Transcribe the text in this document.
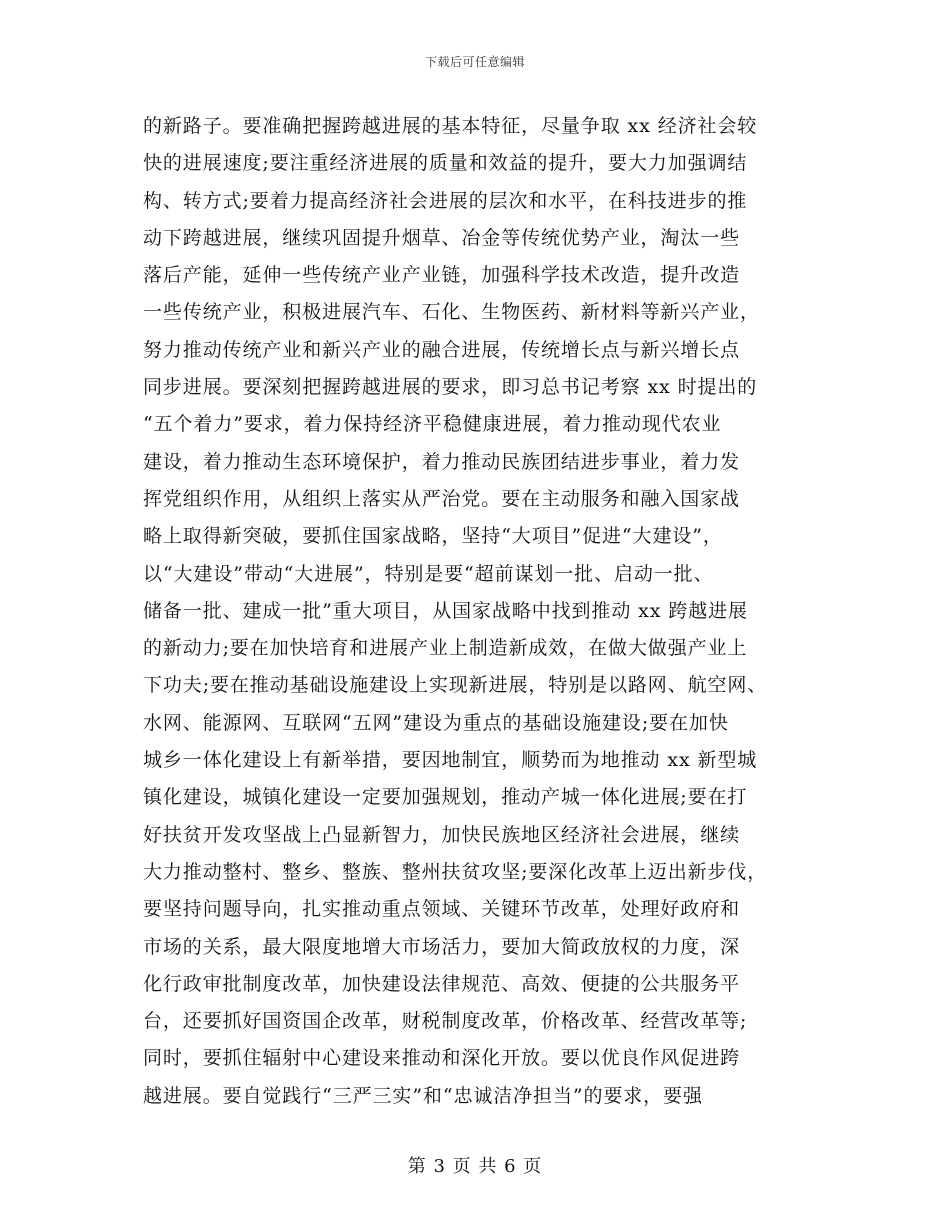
下载后可任意编辑
的新路子。要准确把握跨越进展的基本特征，尽量争取 xx 经济社会较
快的进展速度;要注重经济进展的质量和效益的提升，要大力加强调结
构、转方式;要着力提高经济社会进展的层次和水平，在科技进步的推
动下跨越进展，继续巩固提升烟草、冶金等传统优势产业，淘汰一些
落后产能，延伸一些传统产业产业链，加强科学技术改造，提升改造
一些传统产业，积极进展汽车、石化、生物医药、新材料等新兴产业，
努力推动传统产业和新兴产业的融合进展，传统增长点与新兴增长点
同步进展。要深刻把握跨越进展的要求，即习总书记考察 xx 时提出的
“五个着力”要求，着力保持经济平稳健康进展，着力推动现代农业
建设，着力推动生态环境保护，着力推动民族团结进步事业，着力发
挥党组织作用，从组织上落实从严治党。要在主动服务和融入国家战
略上取得新突破，要抓住国家战略，坚持“大项目”促进“大建设”，
以“大建设”带动“大进展”，特别是要“超前谋划一批、启动一批、
储备一批、建成一批”重大项目，从国家战略中找到推动 xx 跨越进展
的新动力;要在加快培育和进展产业上制造新成效，在做大做强产业上
下功夫;要在推动基础设施建设上实现新进展，特别是以路网、航空网、
水网、能源网、互联网“五网”建设为重点的基础设施建设;要在加快
城乡一体化建设上有新举措，要因地制宜，顺势而为地推动 xx 新型城
镇化建设，城镇化建设一定要加强规划，推动产城一体化进展;要在打
好扶贫开发攻坚战上凸显新智力，加快民族地区经济社会进展，继续
大力推动整村、整乡、整族、整州扶贫攻坚;要深化改革上迈出新步伐，
要坚持问题导向，扎实推动重点领域、关键环节改革，处理好政府和
市场的关系，最大限度地增大市场活力，要加大简政放权的力度，深
化行政审批制度改革，加快建设法律规范、高效、便捷的公共服务平
台，还要抓好国资国企改革，财税制度改革，价格改革、经营改革等;
同时，要抓住辐射中心建设来推动和深化开放。要以优良作风促进跨
越进展。要自觉践行“三严三实”和“忠诚洁净担当”的要求，要强
第 3 页 共 6 页
